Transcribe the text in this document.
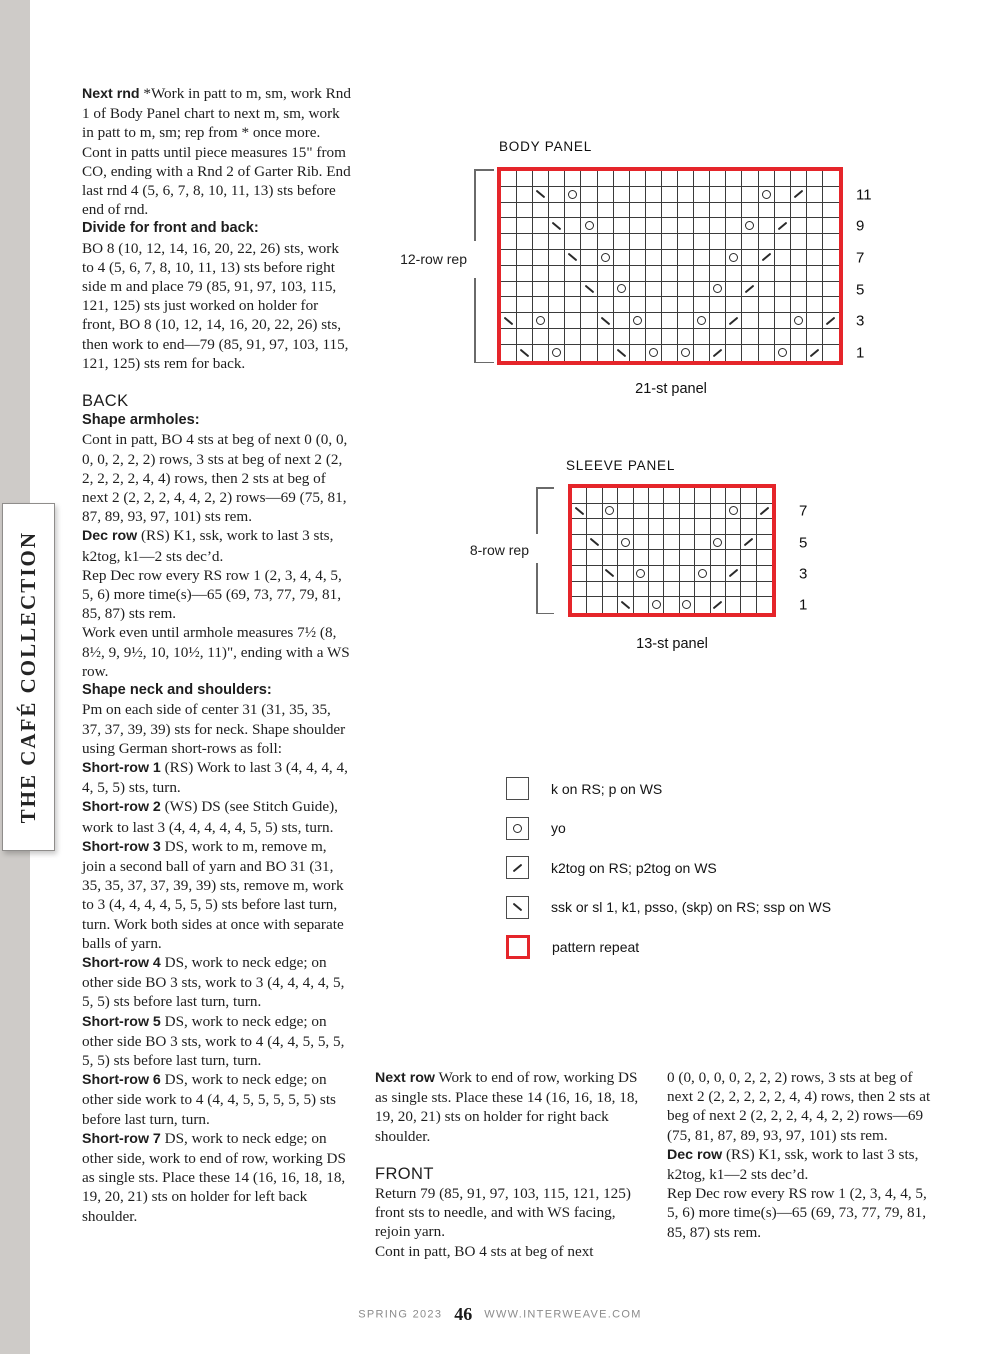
THE CAFÉ COLLECTION

Next rnd *Work in patt to m, sm, work Rnd 1 of Body Panel chart to next m, sm, work in patt to m, sm; rep from * once more.

Cont in patts until piece measures 15" from CO, ending with a Rnd 2 of Garter Rib. End last rnd 4 (5, 6, 7, 8, 10, 11, 13) sts before end of rnd.

Divide for front and back:

BO 8 (10, 12, 14, 16, 20, 22, 26) sts, work to 4 (5, 6, 7, 8, 10, 11, 13) sts before right side m and place 79 (85, 91, 97, 103, 115, 121, 125) sts just worked on holder for front, BO 8 (10, 12, 14, 16, 20, 22, 26) sts, then work to end—79 (85, 91, 97, 103, 115, 121, 125) sts rem for back.

BACK

Shape armholes:

Cont in patt, BO 4 sts at beg of next 0 (0, 0, 0, 0, 2, 2, 2) rows, 3 sts at beg of next 2 (2, 2, 2, 2, 2, 4, 4) rows, then 2 sts at beg of next 2 (2, 2, 2, 4, 4, 2, 2) rows—69 (75, 81, 87, 89, 93, 97, 101) sts rem.

Dec row (RS) K1, ssk, work to last 3 sts, k2tog, k1—2 sts dec’d.

Rep Dec row every RS row 1 (2, 3, 4, 4, 5, 5, 6) more time(s)—65 (69, 73, 77, 79, 81, 85, 87) sts rem.

Work even until armhole measures 7½ (8, 8½, 9, 9½, 10, 10½, 11)", ending with a WS row.

Shape neck and shoulders:

Pm on each side of center 31 (31, 35, 35, 37, 37, 39, 39) sts for neck. Shape shoulder using German short-rows as foll:

Short-row 1 (RS) Work to last 3 (4, 4, 4, 4, 4, 5, 5) sts, turn.

Short-row 2 (WS) DS (see Stitch Guide), work to last 3 (4, 4, 4, 4, 4, 5, 5) sts, turn.

Short-row 3 DS, work to m, remove m, join a second ball of yarn and BO 31 (31, 35, 35, 37, 37, 39, 39) sts, remove m, work to 3 (4, 4, 4, 4, 5, 5, 5) sts before last turn, turn. Work both sides at once with separate balls of yarn.

Short-row 4 DS, work to neck edge; on other side BO 3 sts, work to 3 (4, 4, 4, 4, 5, 5, 5) sts before last turn, turn.

Short-row 5 DS, work to neck edge; on other side BO 3 sts, work to 4 (4, 4, 5, 5, 5, 5, 5) sts before last turn, turn.

Short-row 6 DS, work to neck edge; on other side work to 4 (4, 4, 5, 5, 5, 5, 5) sts before last turn, turn.

Short-row 7 DS, work to neck edge; on other side, work to end of row, working DS as single sts. Place these 14 (16, 16, 18, 18, 19, 20, 21) sts on holder for left back shoulder.

BODY PANEL
11
9
7
5
3
1
21-st panel
12-row rep
SLEEVE PANEL
7
5
3
1
13-st panel
8-row rep
k on RS; p on WS
yo
k2tog on RS; p2tog on WS
ssk or sl 1, k1, psso, (skp) on RS; ssp on WS
pattern repeat

Next row Work to end of row, working DS as single sts. Place these 14 (16, 16, 18, 18, 19, 20, 21) sts on holder for right back shoulder.

FRONT

Return 79 (85, 91, 97, 103, 115, 121, 125) front sts to needle, and with WS facing, rejoin yarn.

Cont in patt, BO 4 sts at beg of next

0 (0, 0, 0, 0, 2, 2, 2) rows, 3 sts at beg of next 2 (2, 2, 2, 2, 2, 4, 4) rows, then 2 sts at beg of next 2 (2, 2, 2, 4, 4, 2, 2) rows—69 (75, 81, 87, 89, 93, 97, 101) sts rem.

Dec row (RS) K1, ssk, work to last 3 sts, k2tog, k1—2 sts dec’d.

Rep Dec row every RS row 1 (2, 3, 4, 4, 5, 5, 6) more time(s)—65 (69, 73, 77, 79, 81, 85, 87) sts rem.

SPRING 2023 46 WWW.INTERWEAVE.COM
